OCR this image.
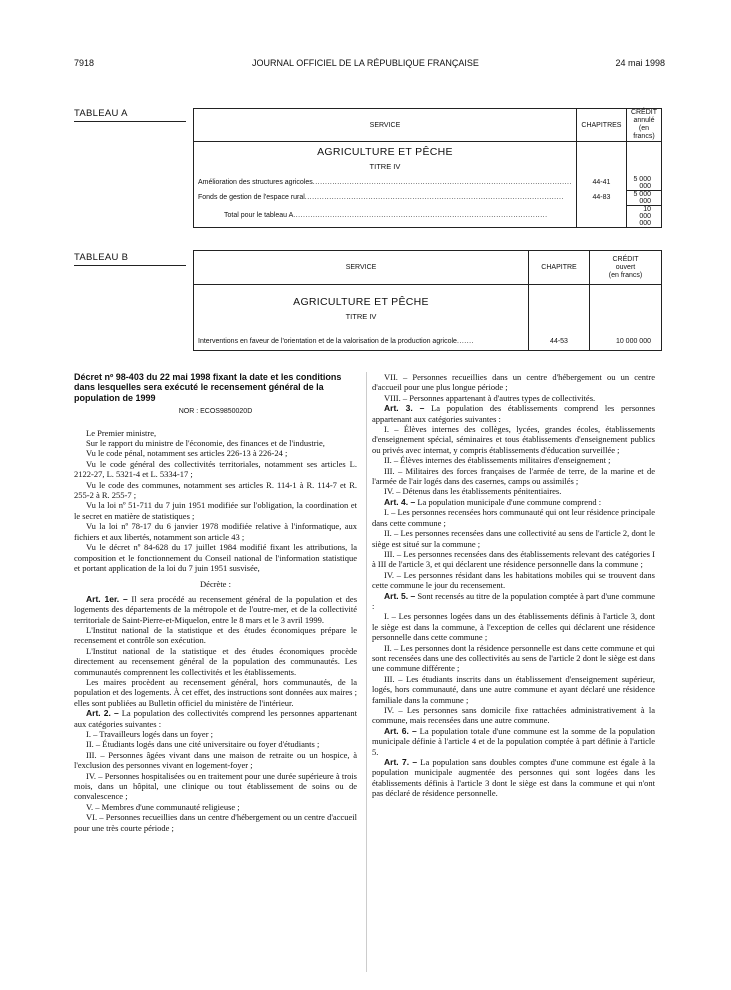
7918	JOURNAL OFFICIEL DE LA RÉPUBLIQUE FRANÇAISE	24 mai 1998
TABLEAU A
SERVICE	CHAPITRES	CRÉDIT
annulé
(en francs)

AGRICULTURE ET PÊCHE
TITRE IV		

Amélioration des structures agricoles..........................................................................................................	44-41	5 000 000
Fonds de gestion de l'espace rural..........................................................................................................	44-83	5 000 000
Total pour le tableau A........................................................................................................		10 000 000
TABLEAU B
SERVICE	CHAPITRE	CRÉDIT
ouvert
(en francs)

AGRICULTURE ET PÊCHE
TITRE IV		

Interventions en faveur de l'orientation et de la valorisation de la production agricole.......	44-53	10 000 000
Décret nº 98-403 du 22 mai 1998 fixant la date et les conditions dans lesquelles sera exécuté le recensement général de la population de 1999
NOR : ECOS9850020D

Le Premier ministre,

Sur le rapport du ministre de l'économie, des finances et de l'industrie,

Vu le code pénal, notamment ses articles 226-13 à 226-24 ;

Vu le code général des collectivités territoriales, notamment ses articles L. 2122-27, L. 5321-4 et L. 5334-17 ;

Vu le code des communes, notamment ses articles R. 114-1 à R. 114-7 et R. 255-2 à R. 255-7 ;

Vu la loi nº 51-711 du 7 juin 1951 modifiée sur l'obligation, la coordination et le secret en matière de statistiques ;

Vu la loi nº 78-17 du 6 janvier 1978 modifiée relative à l'informatique, aux fichiers et aux libertés, notamment son article 43 ;

Vu le décret nº 84-628 du 17 juillet 1984 modifié fixant les attributions, la composition et le fonctionnement du Conseil national de l'information statistique et portant application de la loi du 7 juin 1951 susvisée,

Décrète :

Art. 1er. – Il sera procédé au recensement général de la population et des logements des départements de la métropole et de l'outre-mer, et de la collectivité territoriale de Saint-Pierre-et-Miquelon, entre le 8 mars et le 3 avril 1999.

L'Institut national de la statistique et des études économiques prépare le recensement et contrôle son exécution.

L'Institut national de la statistique et des études économiques procède directement au recensement général de la population des communautés. Les communautés comprennent les collectivités et les établissements.

Les maires procèdent au recensement général, hors communautés, de la population et des logements. À cet effet, des instructions sont données aux maires ; elles sont publiées au Bulletin officiel du ministère de l'intérieur.

Art. 2. – La population des collectivités comprend les personnes appartenant aux catégories suivantes :

I. – Travailleurs logés dans un foyer ;

II. – Étudiants logés dans une cité universitaire ou foyer d'étudiants ;

III. – Personnes âgées vivant dans une maison de retraite ou un hospice, à l'exclusion des personnes vivant en logement-foyer ;

IV. – Personnes hospitalisées ou en traitement pour une durée supérieure à trois mois, dans un hôpital, une clinique ou tout établissement de soins ou de convalescence ;

V. – Membres d'une communauté religieuse ;

VI. – Personnes recueillies dans un centre d'hébergement ou un centre d'accueil pour une très courte période ;

VII. – Personnes recueillies dans un centre d'hébergement ou un centre d'accueil pour une plus longue période ;

VIII. – Personnes appartenant à d'autres types de collectivités.

Art. 3. – La population des établissements comprend les personnes appartenant aux catégories suivantes :

I. – Élèves internes des collèges, lycées, grandes écoles, établissements d'enseignement spécial, séminaires et tous établissements d'enseignement publics ou privés avec internat, y compris établissements d'éducation surveillée ;

II. – Élèves internes des établissements militaires d'enseignement ;

III. – Militaires des forces françaises de l'armée de terre, de la marine et de l'armée de l'air logés dans des casernes, camps ou assimilés ;

IV. – Détenus dans les établissements pénitentiaires.

Art. 4. – La population municipale d'une commune comprend :

I. – Les personnes recensées hors communauté qui ont leur résidence principale dans cette commune ;

II. – Les personnes recensées dans une collectivité au sens de l'article 2, dont le siège est situé sur la commune ;

III. – Les personnes recensées dans des établissements relevant des catégories I à III de l'article 3, et qui déclarent une résidence personnelle dans la commune ;

IV. – Les personnes résidant dans les habitations mobiles qui se trouvent dans cette commune le jour du recensement.

Art. 5. – Sont recensés au titre de la population comptée à part d'une commune :

I. – Les personnes logées dans un des établissements définis à l'article 3, dont le siège est dans la commune, à l'exception de celles qui déclarent une résidence personnelle dans cette commune ;

II. – Les personnes dont la résidence personnelle est dans cette commune et qui sont recensées dans une des collectivités au sens de l'article 2 dont le siège est dans une commune différente ;

III. – Les étudiants inscrits dans un établissement d'enseignement supérieur, logés, hors communauté, dans une autre commune et ayant déclaré une résidence familiale dans la commune ;

IV. – Les personnes sans domicile fixe rattachées administrativement à la commune, mais recensées dans une autre commune.

Art. 6. – La population totale d'une commune est la somme de la population municipale définie à l'article 4 et de la population comptée à part définie à l'article 5.

Art. 7. – La population sans doubles comptes d'une commune est égale à la population municipale augmentée des personnes qui sont logées dans les établissements définis à l'article 3 dont le siège est dans la commune et qui n'ont pas déclaré de résidence personnelle.
